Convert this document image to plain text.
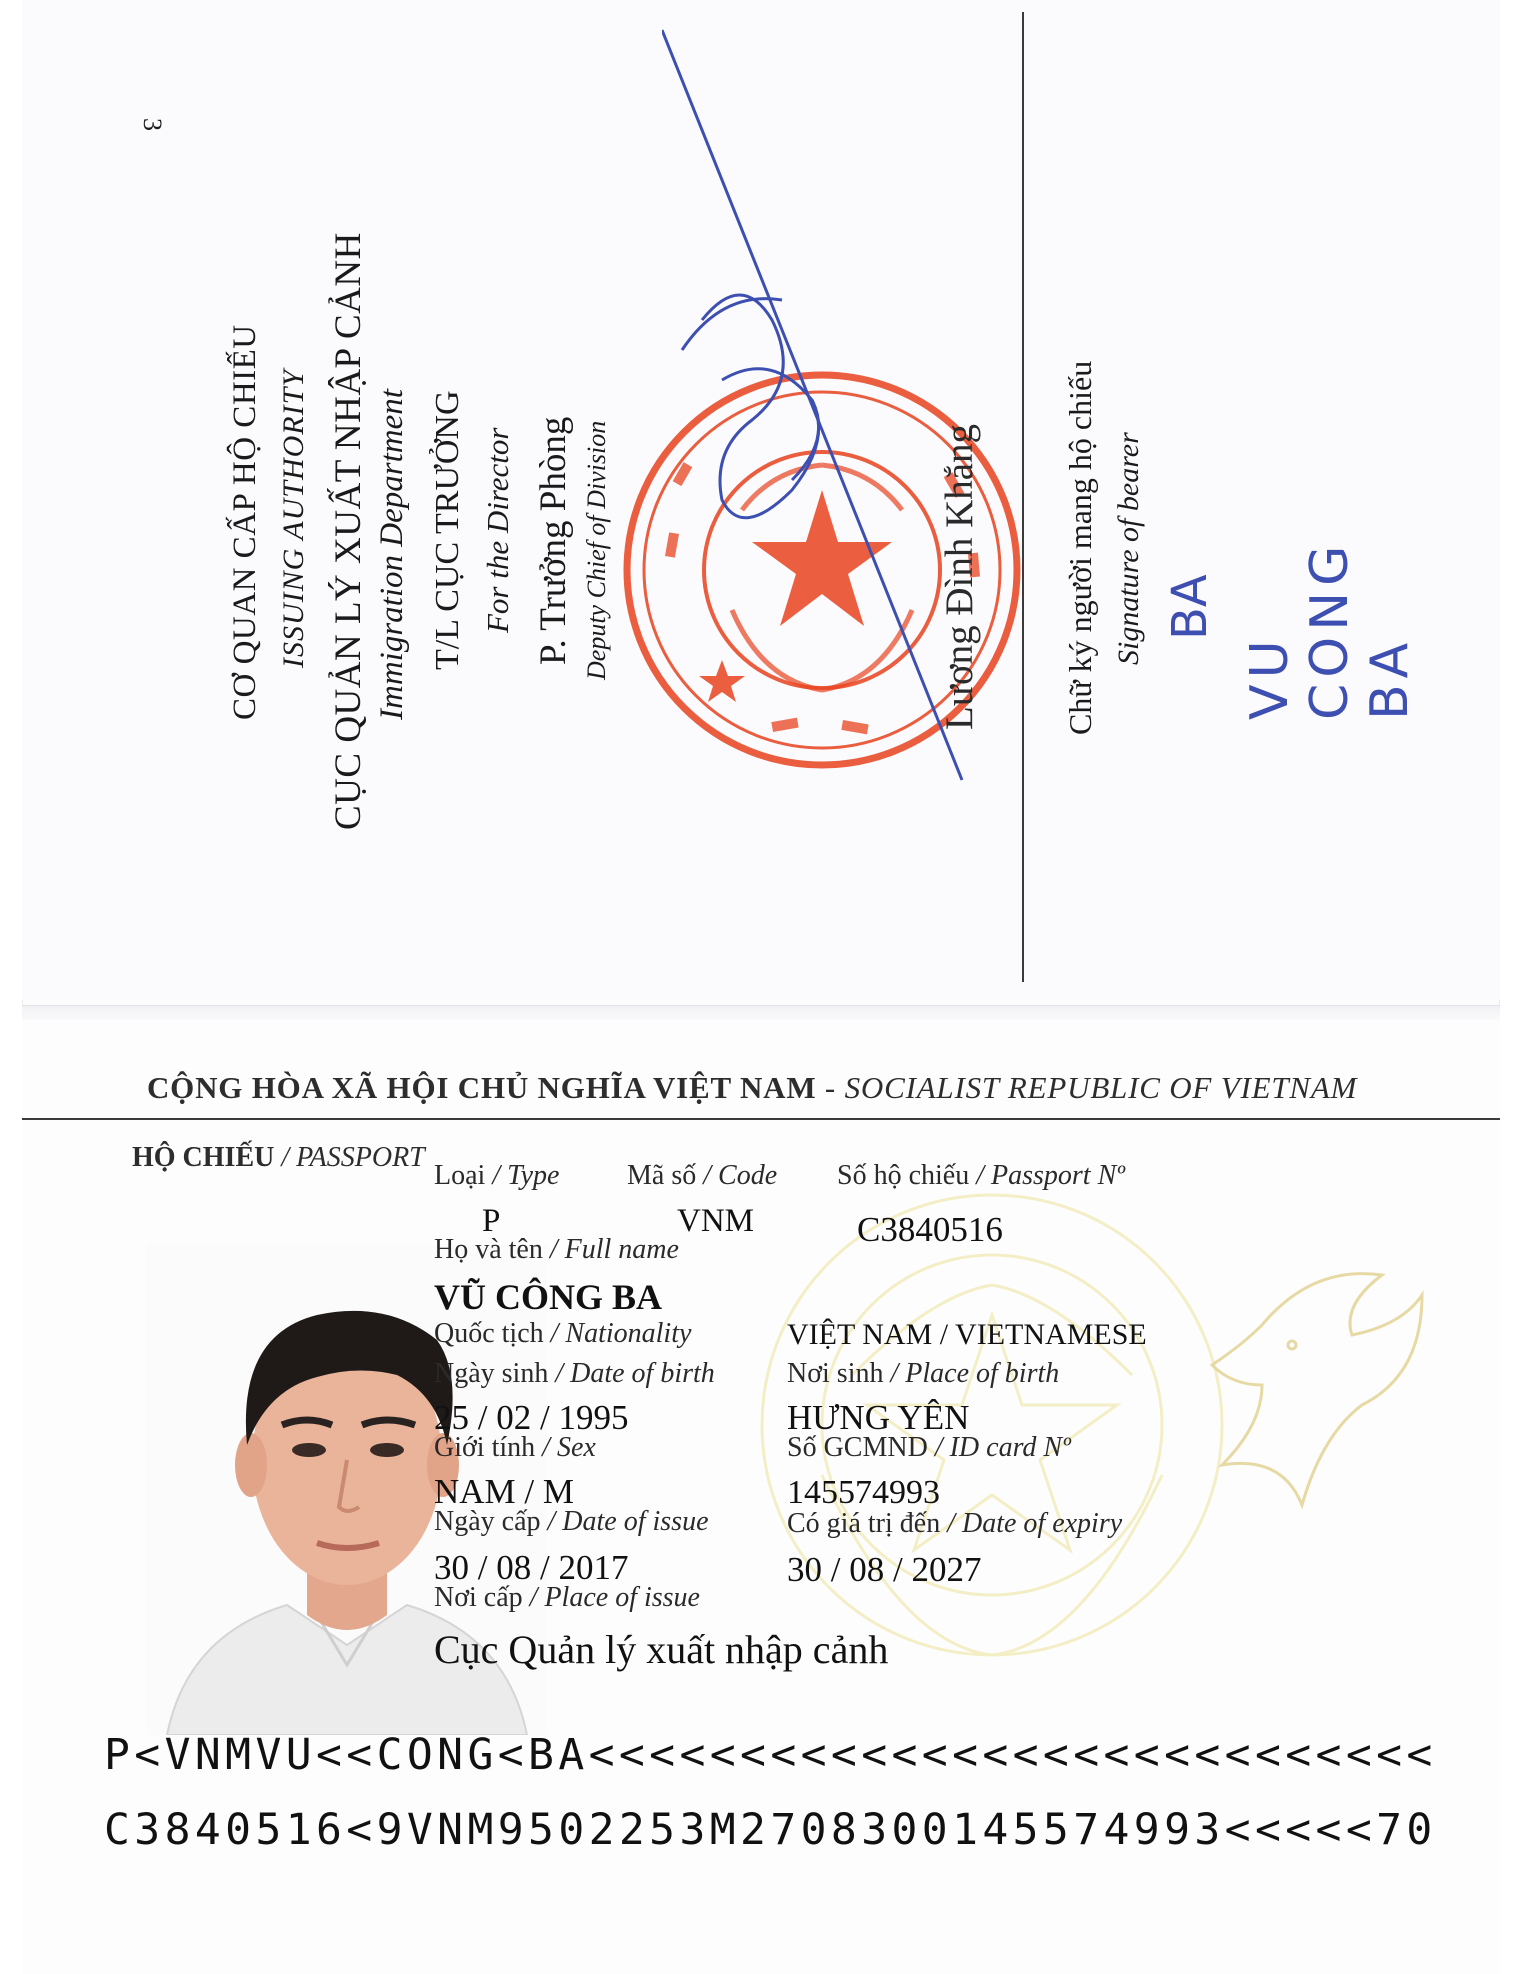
3
CƠ QUAN CẤP HỘ CHIẾU ISSUING AUTHORITY CỤC QUẢN LÝ XUẤT NHẬP CẢNH Immigration Department T/L CỤC TRƯỞNG For the Director P. Trưởng Phòng Deputy Chief of Division	Lương Đình Khắng	Chữ ký người mang hộ chiếu Signature of bearer BA
VU CONG BA
CỘNG HÒA XÃ HỘI CHỦ NGHĨA VIỆT NAM - SOCIALIST REPUBLIC OF VIETNAM
HỘ CHIẾU / PASSPORT
Loại / Type
P
Mã số / Code
VNM
Số hộ chiếu / Passport Nº
C3840516
Họ và tên / Full name
VŨ CÔNG BA
Quốc tịch / Nationality	VIỆT NAM / VIETNAMESE
Ngày sinh / Date of birth	Nơi sinh / Place of birth
25 / 02 / 1995	HƯNG YÊN
Giới tính / Sex	Số GCMND / ID card Nº
NAM / M	145574993
Ngày cấp / Date of issue	Có giá trị đến / Date of expiry
30 / 08 / 2017	30 / 08 / 2027
Nơi cấp / Place of issue
Cục Quản lý xuất nhập cảnh
P<VNMVU<<CONG<BA<<<<<<<<<<<<<<<<<<<<<<<<<<<<
C3840516<9VNM9502253M2708300145574993<<<<<70
